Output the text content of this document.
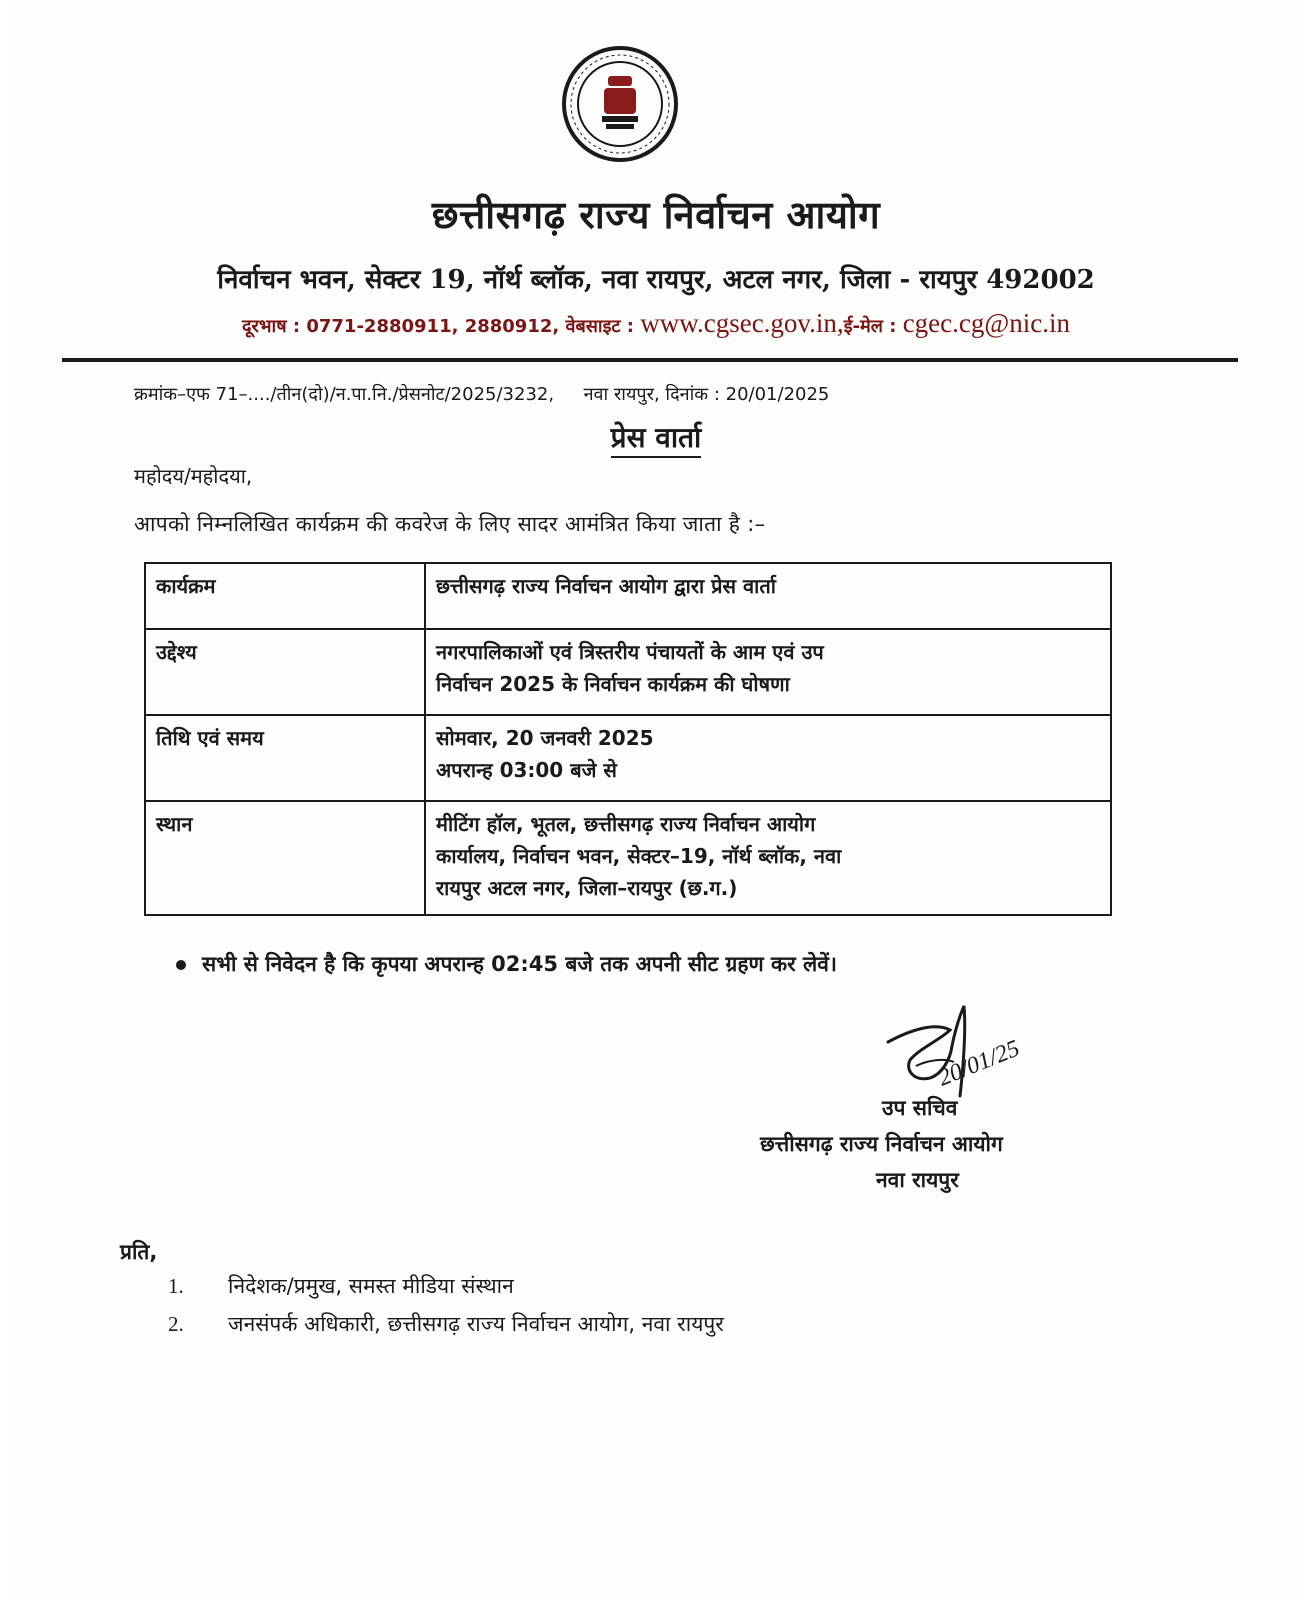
छत्तीसगढ़ राज्य निर्वाचन आयोग
निर्वाचन भवन, सेक्टर 19, नॉर्थ ब्लॉक, नवा रायपुर, अटल नगर, जिला - रायपुर 492002
दूरभाष : 0771-2880911, 2880912, वेबसाइट : www.cgsec.gov.in,ई-मेल : cgec.cg@nic.in
क्रमांक–एफ 71–..../तीन(दो)/न.पा.नि./प्रेसनोट/2025/3232, नवा रायपुर, दिनांक : 20/01/2025
प्रेस वार्ता
महोदय/महोदया,
आपको निम्नलिखित कार्यक्रम की कवरेज के लिए सादर आमंत्रित किया जाता है :–
कार्यक्रम	छत्तीसगढ़ राज्य निर्वाचन आयोग द्वारा प्रेस वार्ता

उद्देश्य	नगरपालिकाओं एवं त्रिस्तरीय पंचायतों के आम एवं उप
निर्वाचन 2025 के निर्वाचन कार्यक्रम की घोषणा

तिथि एवं समय	सोमवार, 20 जनवरी 2025
अपरान्ह 03:00 बजे से

स्थान	मीटिंग हॉल, भूतल, छत्तीसगढ़ राज्य निर्वाचन आयोग
कार्यालय, निर्वाचन भवन, सेक्टर–19, नॉर्थ ब्लॉक, नवा
रायपुर अटल नगर, जिला–रायपुर (छ.ग.)
सभी से निवेदन है कि कृपया अपरान्ह 02:45 बजे तक अपनी सीट ग्रहण कर लेवें।
20/01/25
उप सचिव
छत्तीसगढ़ राज्य निर्वाचन आयोग
नवा रायपुर
प्रति,
1. निदेशक/प्रमुख, समस्त मीडिया संस्थान
2. जनसंपर्क अधिकारी, छत्तीसगढ़ राज्य निर्वाचन आयोग, नवा रायपुर
